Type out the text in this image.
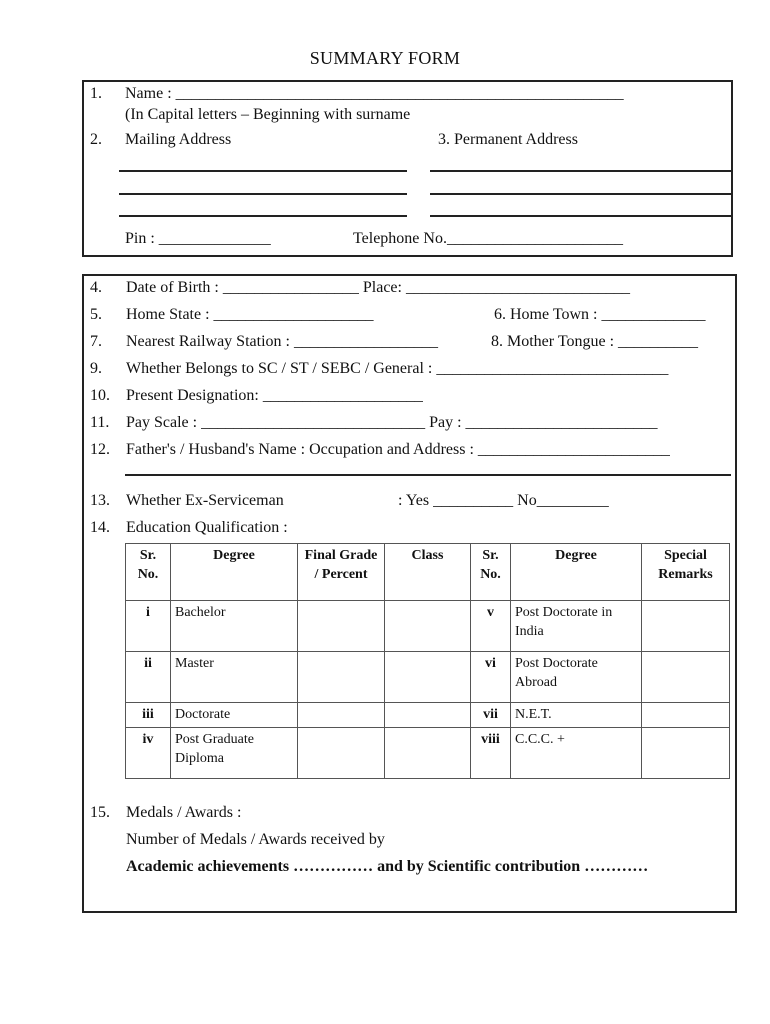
SUMMARY FORM
1. Name : ________________________________________________________
(In Capital letters – Beginning with surname
2. Mailing Address	3. Permanent Address
Pin : ______________	Telephone No.______________________
4. Date of Birth : _________________ Place: ____________________________
5. Home State : ____________________	6. Home Town : _____________
7. Nearest Railway Station : __________________	8. Mother Tongue : __________
9. Whether Belongs to SC / ST / SEBC / General : _____________________________
10. Present Designation: ____________________
11. Pay Scale : ____________________________ Pay : ________________________
12. Father's / Husband's Name : Occupation and Address : ________________________
13. Whether Ex-Serviceman	: Yes __________ No_________
14. Education Qualification :
Sr. No.	Degree	Final Grade / Percent	Class	Sr. No.	Degree	Special Remarks
i	Bachelor			v	Post Doctorate in India	
ii	Master			vi	Post Doctorate Abroad	
iii	Doctorate			vii	N.E.T.	
iv	Post Graduate Diploma			viii	C.C.C. +	
15. Medals / Awards :
Number of Medals / Awards received by
Academic achievements …………… and by Scientific contribution …………
